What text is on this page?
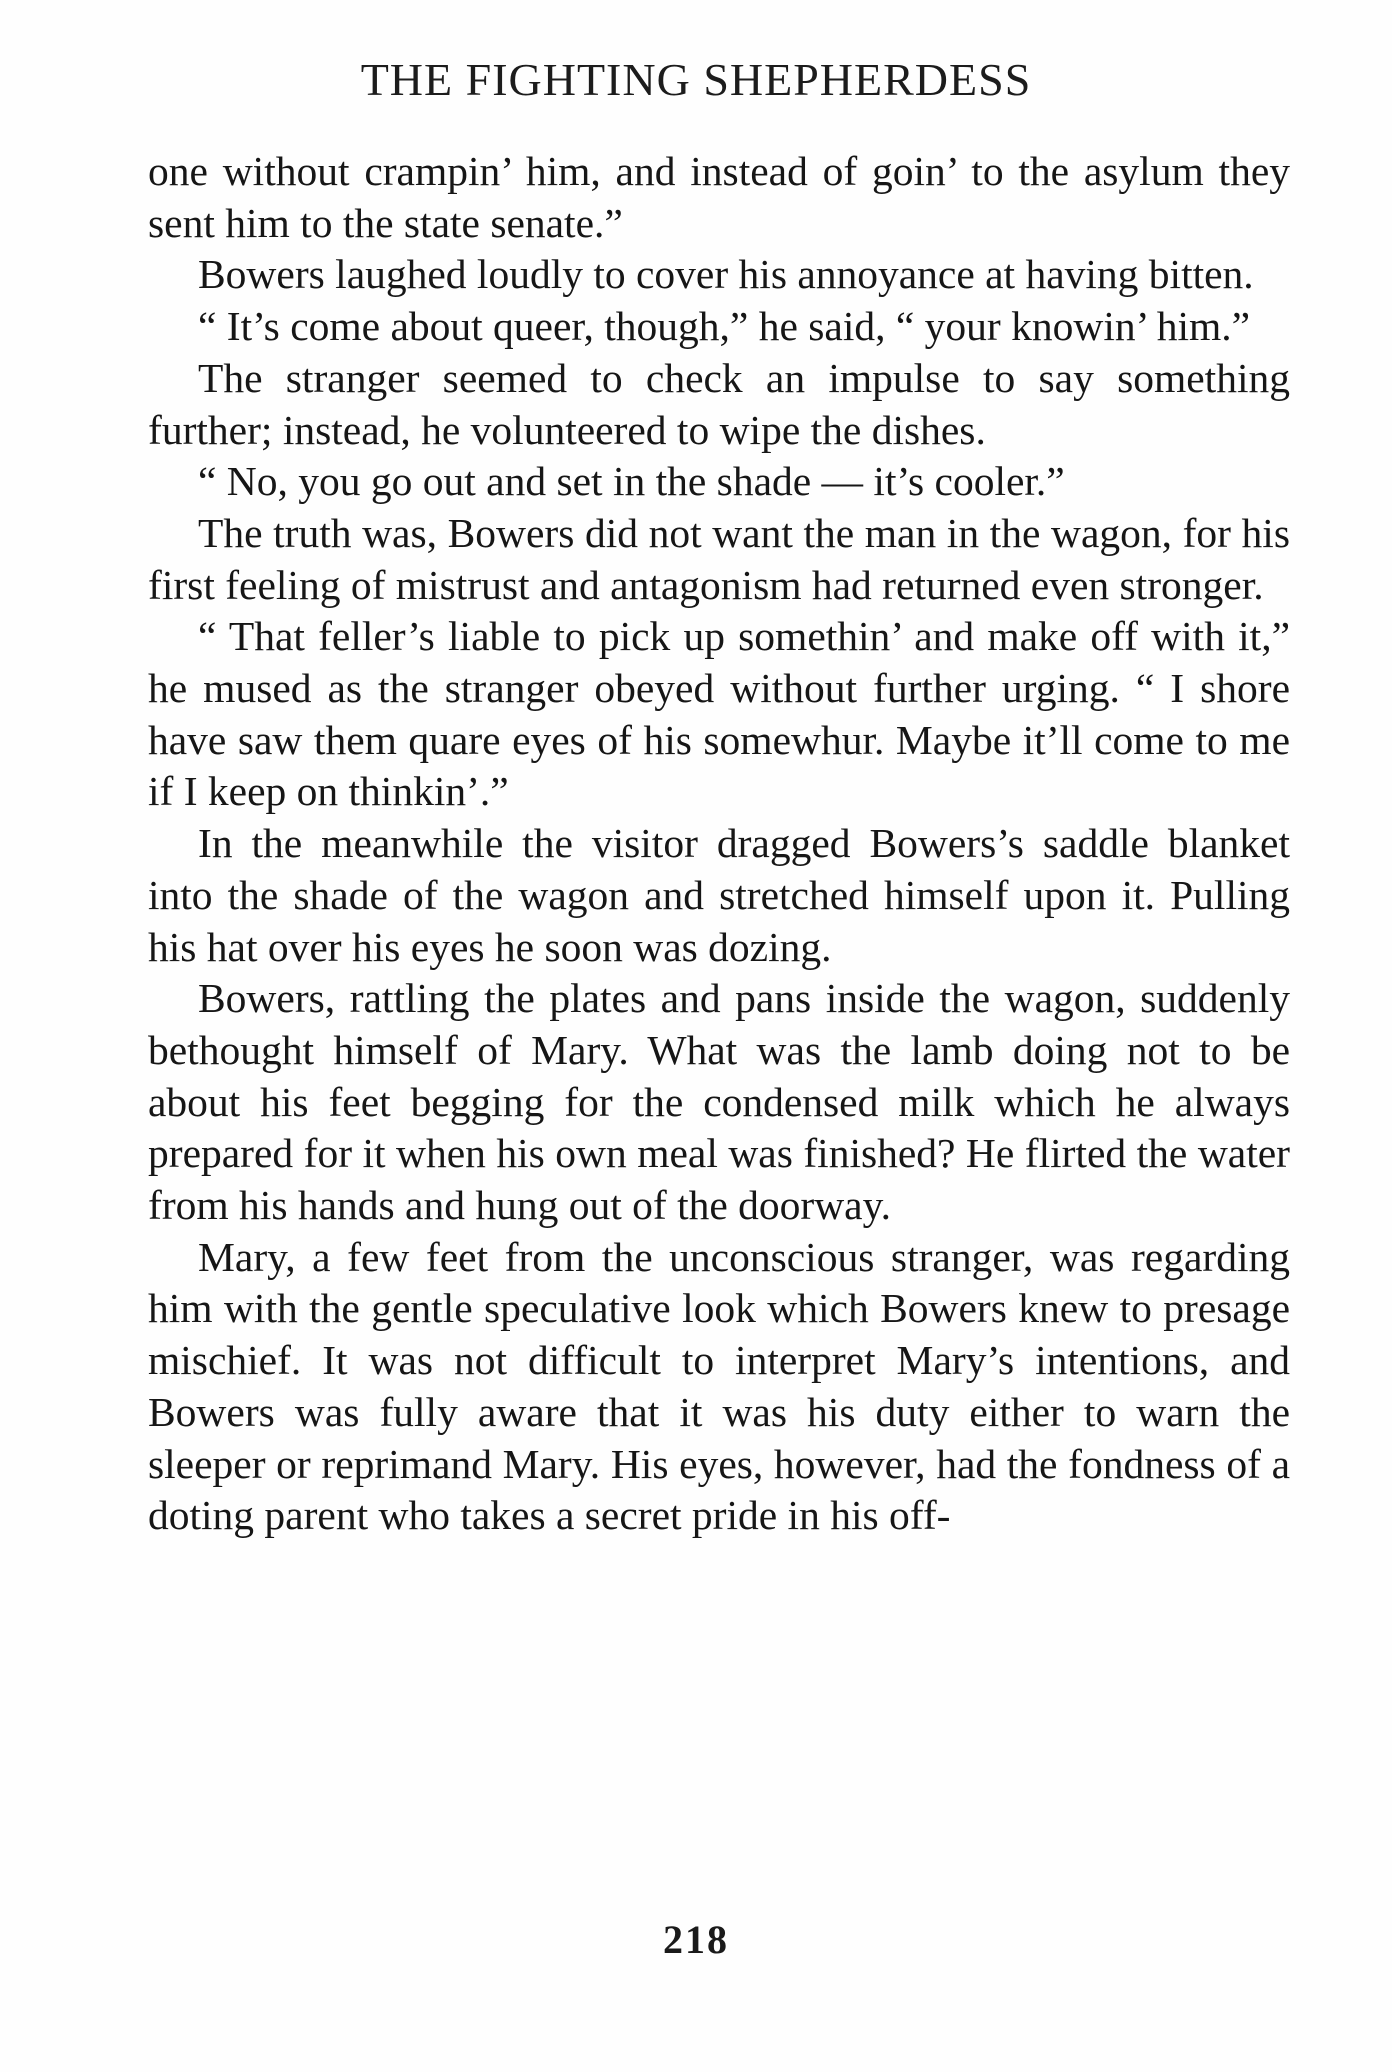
THE FIGHTING SHEPHERDESS

one without crampin’ him, and instead of goin’ to the asylum they sent him to the state senate.”

Bowers laughed loudly to cover his annoyance at having bitten.

“ It’s come about queer, though,” he said, “ your knowin’ him.”

The stranger seemed to check an impulse to say something further; instead, he volunteered to wipe the dishes.

“ No, you go out and set in the shade — it’s cooler.”

The truth was, Bowers did not want the man in the wagon, for his first feeling of mistrust and antagonism had returned even stronger.

“ That feller’s liable to pick up somethin’ and make off with it,” he mused as the stranger obeyed without further urging. “ I shore have saw them quare eyes of his somewhur. Maybe it’ll come to me if I keep on thinkin’.”

In the meanwhile the visitor dragged Bowers’s saddle blanket into the shade of the wagon and stretched himself upon it. Pulling his hat over his eyes he soon was dozing.

Bowers, rattling the plates and pans inside the wagon, suddenly bethought himself of Mary. What was the lamb doing not to be about his feet begging for the condensed milk which he always prepared for it when his own meal was finished? He flirted the water from his hands and hung out of the doorway.

Mary, a few feet from the unconscious stranger, was regarding him with the gentle speculative look which Bowers knew to presage mischief. It was not difficult to interpret Mary’s intentions, and Bowers was fully aware that it was his duty either to warn the sleeper or reprimand Mary. His eyes, however, had the fondness of a doting parent who takes a secret pride in his off-

218
